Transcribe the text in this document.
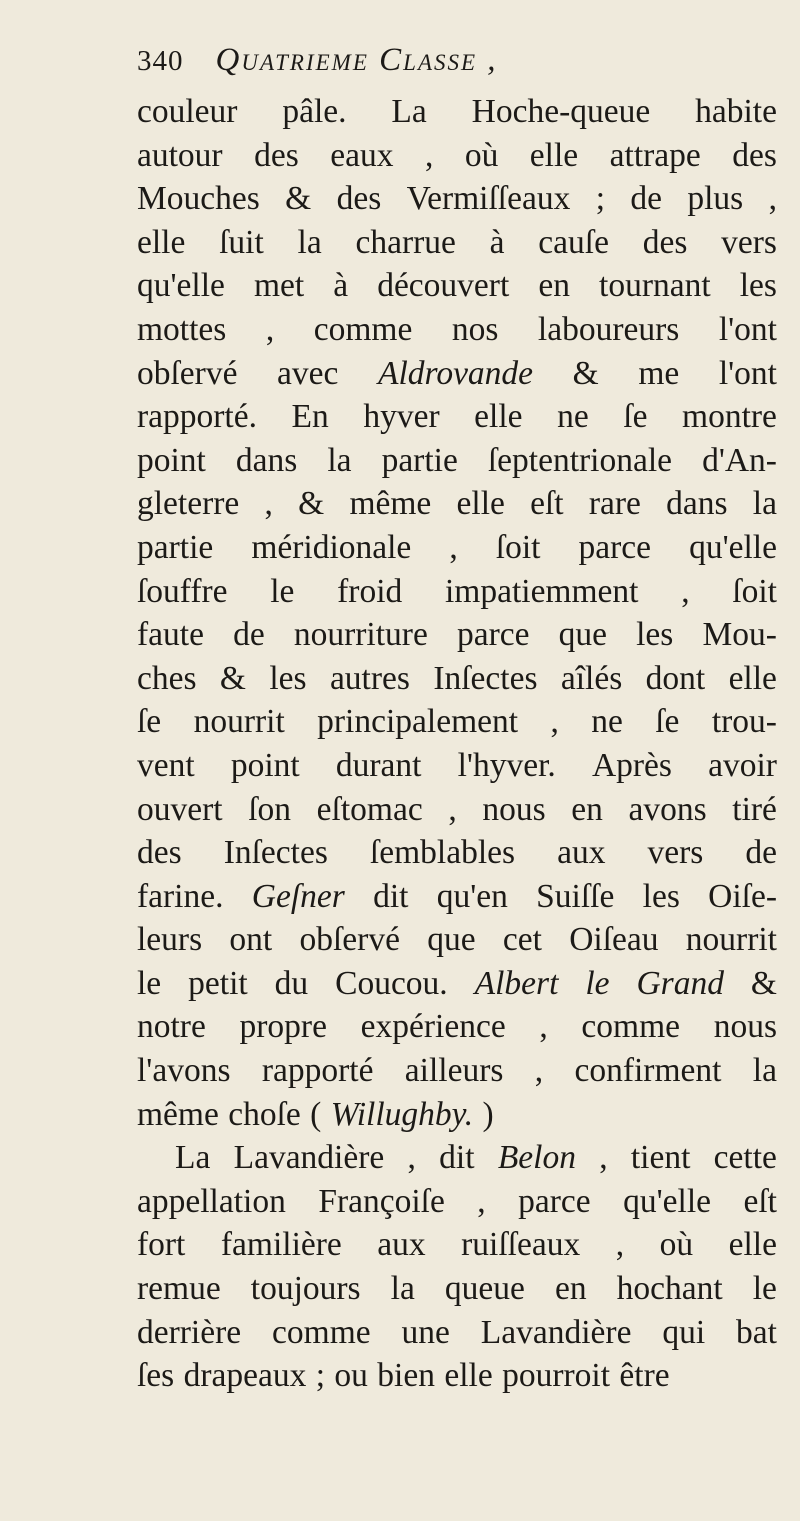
340 Quatrieme Classe ,
couleur pâle. La Hoche-queue habite
autour des eaux , où elle attrape des
Mouches & des Vermiſſeaux ; de plus ,
elle ſuit la charrue à cauſe des vers
qu'elle met à découvert en tournant les
mottes , comme nos laboureurs l'ont
obſervé avec Aldrovande & me l'ont
rapporté. En hyver elle ne ſe montre
point dans la partie ſeptentrionale d'An-
gleterre , & même elle eſt rare dans la
partie méridionale , ſoit parce qu'elle
ſouffre le froid impatiemment , ſoit
faute de nourriture parce que les Mou-
ches & les autres Inſectes aîlés dont elle
ſe nourrit principalement , ne ſe trou-
vent point durant l'hyver. Après avoir
ouvert ſon eſtomac , nous en avons tiré
des Inſectes ſemblables aux vers de
farine. Geſner dit qu'en Suiſſe les Oiſe-
leurs ont obſervé que cet Oiſeau nourrit
le petit du Coucou. Albert le Grand &
notre propre expérience , comme nous
l'avons rapporté ailleurs , confirment la
même choſe ( Willughby. )
La Lavandière , dit Belon , tient cette
appellation Françoiſe , parce qu'elle eſt
fort familière aux ruiſſeaux , où elle
remue toujours la queue en hochant le
derrière comme une Lavandière qui bat
ſes drapeaux ; ou bien elle pourroit être
